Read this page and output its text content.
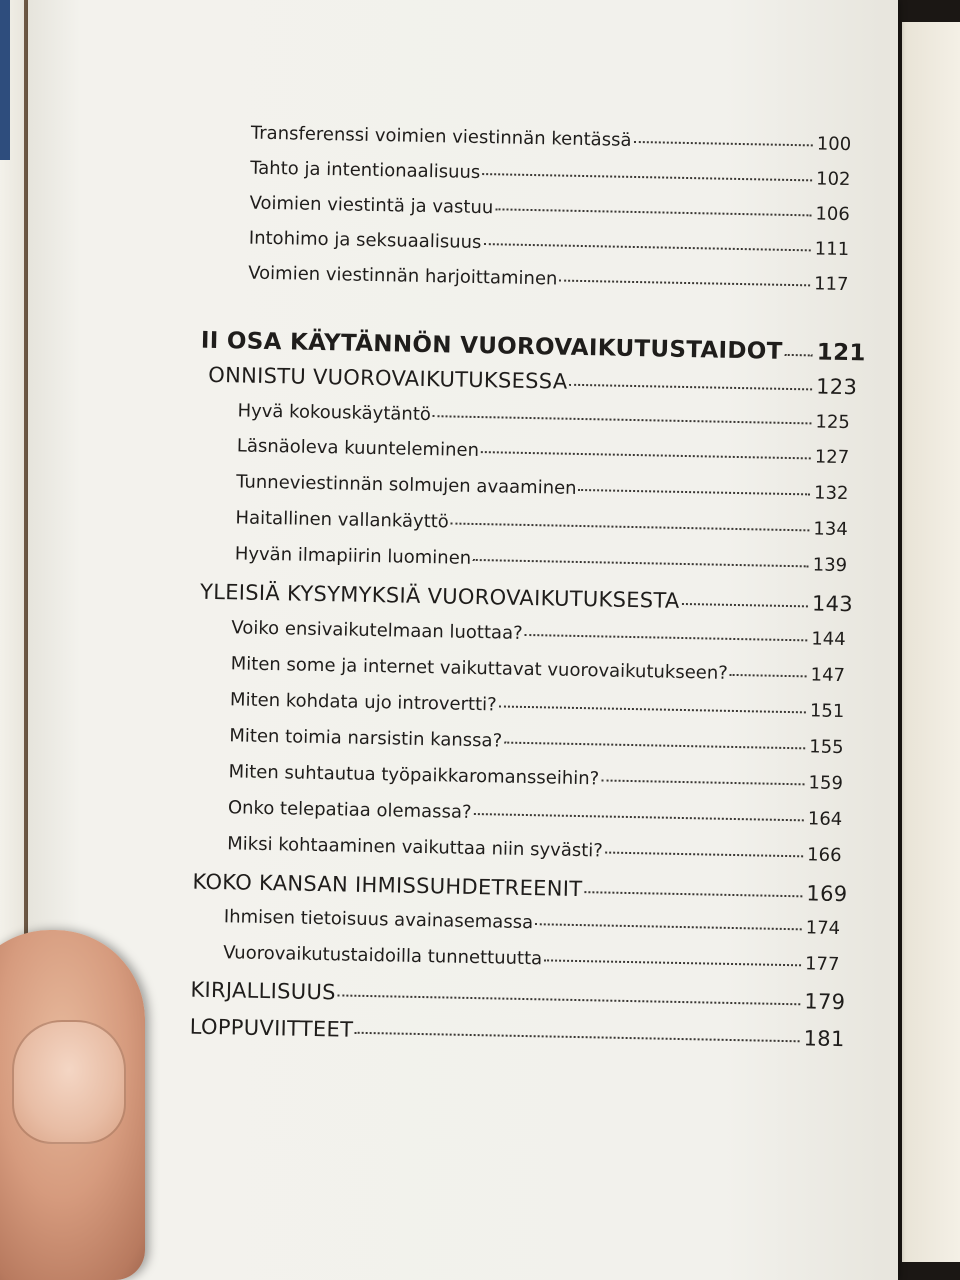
Transferenssi voimien viestinnän kentässä	100
Tahto ja intentionaalisuus	102
Voimien viestintä ja vastuu	106
Intohimo ja seksuaalisuus	111
Voimien viestinnän harjoittaminen	117
II OSA KÄYTÄNNÖN VUOROVAIKUTUSTAIDOT 121
ONNISTU VUOROVAIKUTUKSESSA	123
Hyvä kokouskäytäntö	125
Läsnäoleva kuunteleminen	127
Tunneviestinnän solmujen avaaminen	132
Haitallinen vallankäyttö	134
Hyvän ilmapiirin luominen	139
YLEISIÄ KYSYMYKSIÄ VUOROVAIKUTUKSESTA	143
Voiko ensivaikutelmaan luottaa?	144
Miten some ja internet vaikuttavat vuorovaikutukseen?	147
Miten kohdata ujo introvertti?	151
Miten toimia narsistin kanssa?	155
Miten suhtautua työpaikkaromansseihin?	159
Onko telepatiaa olemassa?	164
Miksi kohtaaminen vaikuttaa niin syvästi?	166
KOKO KANSAN IHMISSUHDETREENIT	169
Ihmisen tietoisuus avainasemassa	174
Vuorovaikutustaidoilla tunnettuutta	177
KIRJALLISUUS	179
LOPPUVIITTEET	181
